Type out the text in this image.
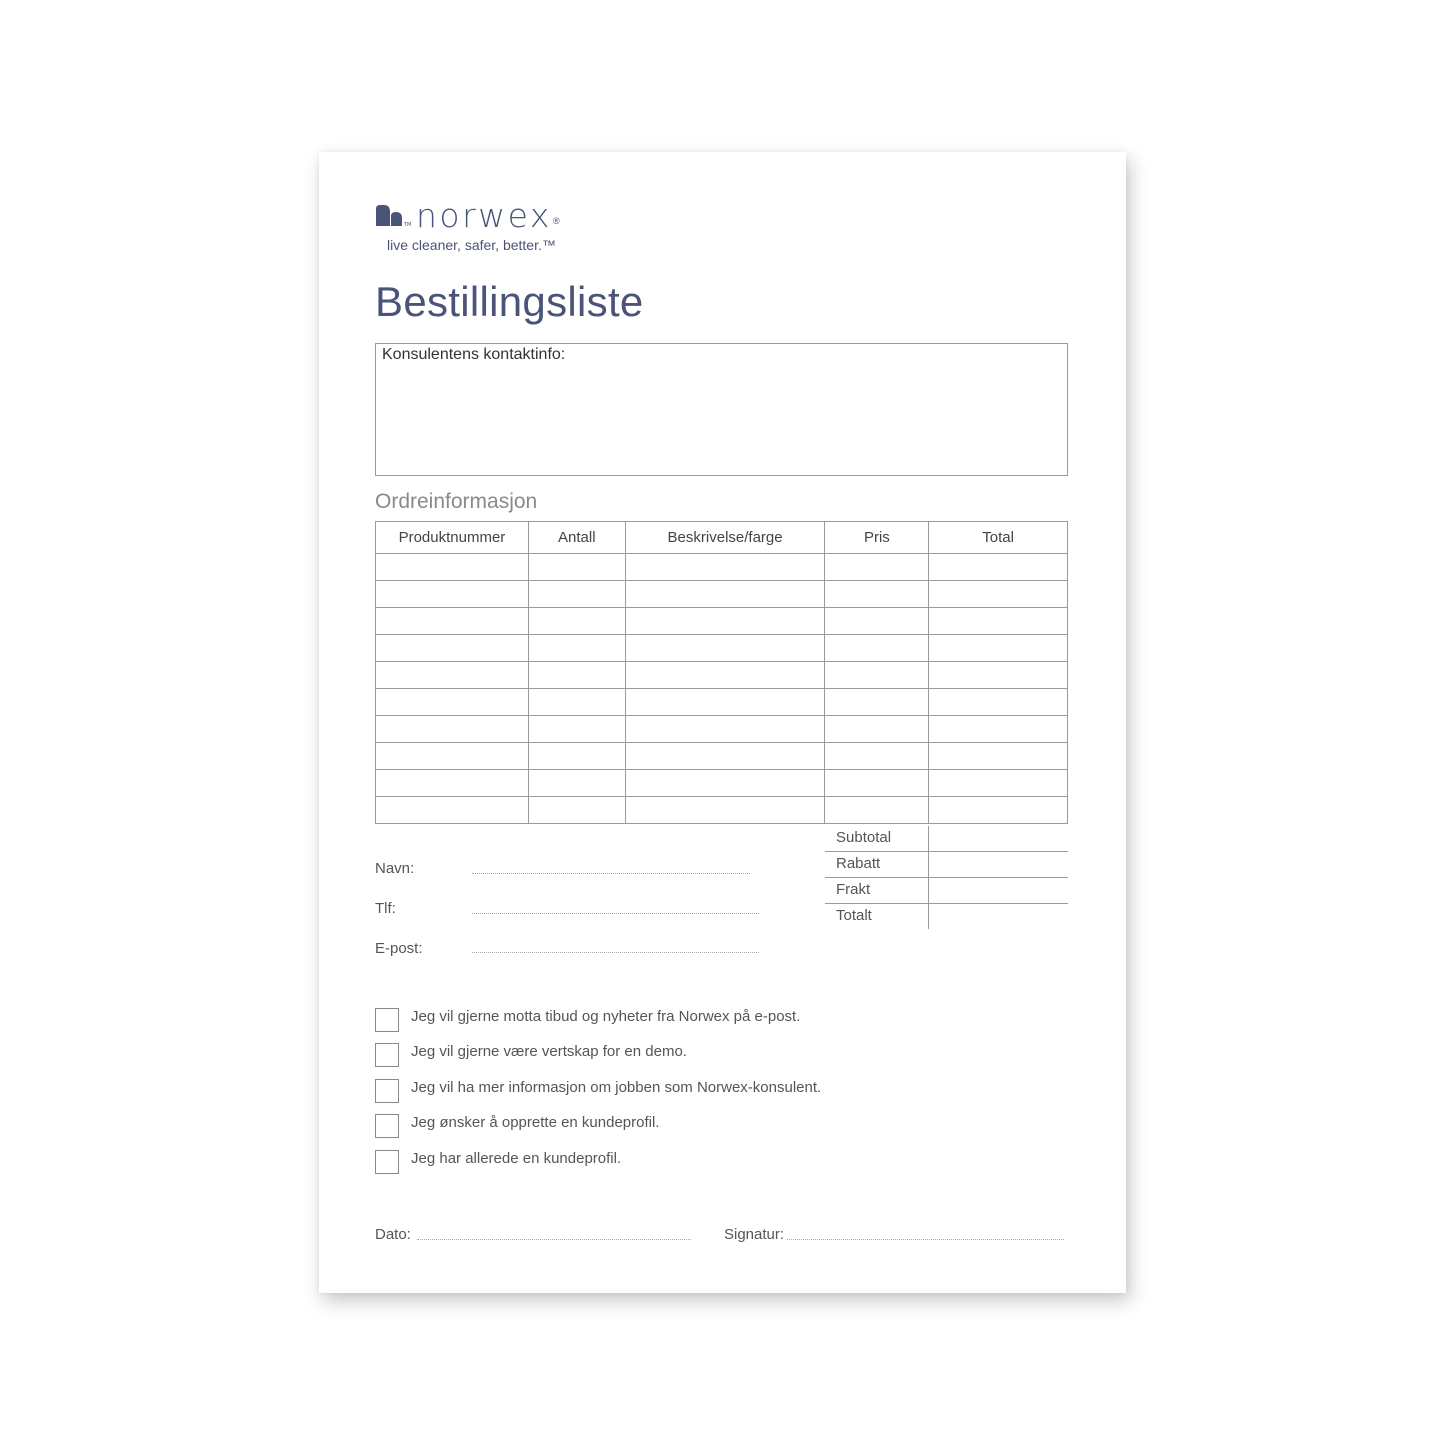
TM norwex ®
live cleaner, safer, better.™
Bestillingsliste
Konsulentens kontaktinfo:
Ordreinformasjon
Produktnummer	Antall	Beskrivelse/farge	Pris	Total

Subtotal
Rabatt
Frakt
Totalt
Navn:
Tlf:
E-post:
Jeg vil gjerne motta tibud og nyheter fra Norwex på e-post.
Jeg vil gjerne være vertskap for en demo.
Jeg vil ha mer informasjon om jobben som Norwex-konsulent.
Jeg ønsker å opprette en kundeprofil.
Jeg har allerede en kundeprofil.
Dato:	Signatur:
